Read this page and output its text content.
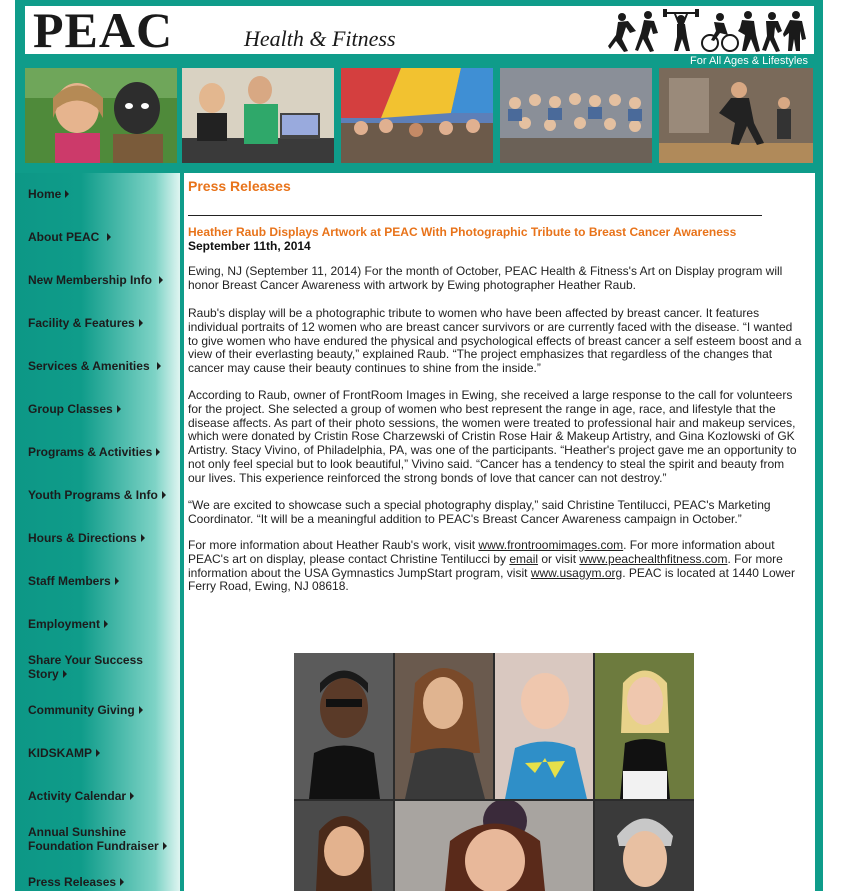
PEAC	Health & Fitness
For All Ages & Lifestyles
Home
About PEAC
New Membership Info
Facility & Features
Services & Amenities
Group Classes
Programs & Activities
Youth Programs & Info
Hours & Directions
Staff Members
Employment
Share Your Success
Story
Community Giving
KIDSKAMP
Activity Calendar
Annual Sunshine
Foundation Fundraiser
Press Releases
Press Releases
Heather Raub Displays Artwork at PEAC With Photographic Tribute to Breast Cancer Awareness
September 11th, 2014

Ewing, NJ (September 11, 2014) For the month of October, PEAC Health & Fitness's Art on Display program will honor Breast Cancer Awareness with artwork by Ewing photographer Heather Raub.

Raub's display will be a photographic tribute to women who have been affected by breast cancer. It features individual portraits of 12 women who are breast cancer survivors or are currently faced with the disease. “I wanted to give women who have endured the physical and psychological effects of breast cancer a self esteem boost and a view of their everlasting beauty,” explained Raub. “The project emphasizes that regardless of the changes that cancer may cause their beauty continues to shine from the inside.”

According to Raub, owner of FrontRoom Images in Ewing, she received a large response to the call for volunteers for the project. She selected a group of women who best represent the range in age, race, and lifestyle that the disease affects. As part of their photo sessions, the women were treated to professional hair and makeup services, which were donated by Cristin Rose Charzewski of Cristin Rose Hair & Makeup Artistry, and Gina Kozlowski of GK Artistry. Stacy Vivino, of Philadelphia, PA, was one of the participants. “Heather's project gave me an opportunity to not only feel special but to look beautiful,” Vivino said. “Cancer has a tendency to steal the spirit and beauty from our lives. This experience reinforced the strong bonds of love that cancer can not destroy.”

“We are excited to showcase such a special photography display,” said Christine Tentilucci, PEAC's Marketing Coordinator. “It will be a meaningful addition to PEAC's Breast Cancer Awareness campaign in October.”

For more information about Heather Raub's work, visit www.frontroomimages.com. For more information about PEAC's art on display, please contact Christine Tentilucci by email or visit www.peachealthfitness.com. For more information about the USA Gymnastics JumpStart program, visit www.usagym.org. PEAC is located at 1440 Lower Ferry Road, Ewing, NJ 08618.
